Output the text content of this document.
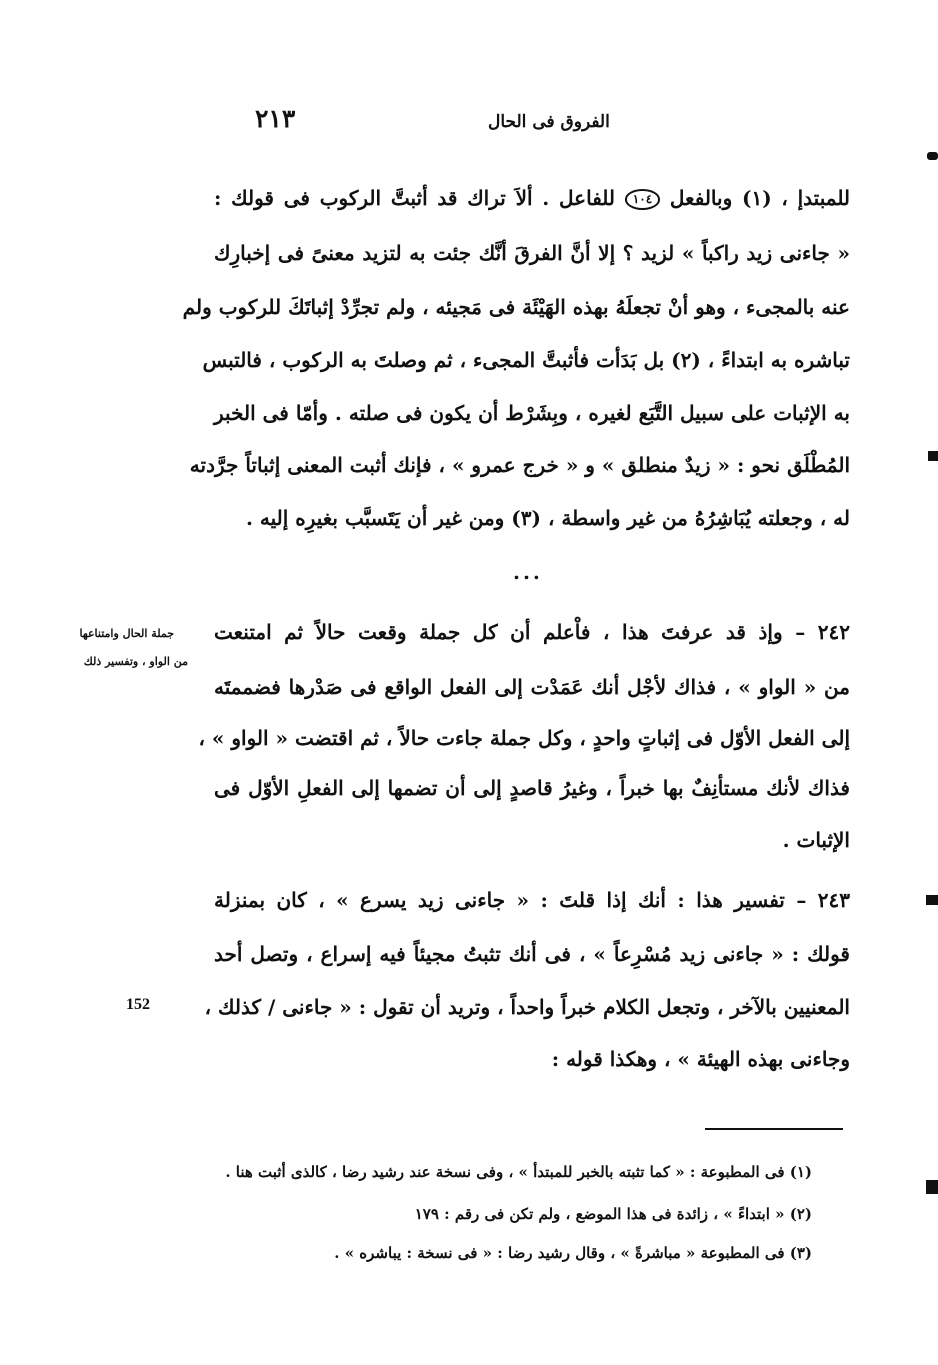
٢١٣	الفروق فى الحال
للمبتدإ ، (١) وبالفعل ١٠٤ للفاعل . ألاَ تراك قد أثبتَّ الركوب فى قولك :
« جاءنى زيد راكباً » لزيد ؟ إلا أنَّ الفرقَ أنَّك جئت به لتزيد معنىً فى إخبارِك
عنه بالمجىء ، وهو أنْ تجعلَهُ بهذه الهَيْئَة فى مَجيئه ، ولم تجرِّدْ إثباتَكَ للركوب ولم
تباشره به ابتداءً ، (٢) بل بَدَأت فأثبتَّ المجىء ، ثم وصلتَ به الركوب ، فالتبس
به الإثبات على سبيل التَّبَع لغيره ، وبِشَرْط أن يكون فى صلته . وأمّا فى الخبر
المُطْلَق نحو : « زيدٌ منطلق » و « خرج عمرو » ، فإنك أثبت المعنى إثباتاً جرَّدته
له ، وجعلته يُبَاشِرُهُ من غير واسطة ، (٣) ومن غير أن يَتَسبَّب بغيرِه إليه .
...
٢٤٢ – وإذ قد عرفتَ هذا ، فاْعلم أن كل جملة وقعت حالاً ثم امتنعت
من « الواو » ، فذاك لأجْل أنك عَمَدْت إلى الفعل الواقع فى صَدْرها فضممتَه
إلى الفعل الأوّل فى إثباتٍ واحدٍ ، وكل جملة جاءت حالاً ، ثم اقتضت « الواو » ،
فذاك لأنك مستأنِفٌ بها خبراً ، وغيرُ قاصدٍ إلى أن تضمها إلى الفعلِ الأوّل فى
الإثبات .
٢٤٣ – تفسير هذا : أنك إذا قلتَ : « جاءنى زيد يسرع » ، كان بمنزلة
قولك : « جاءنى زيد مُسْرِعاً » ، فى أنك تثبتُ مجيئاً فيه إسراع ، وتصل أحد
المعنيين بالآخر ، وتجعل الكلام خبراً واحداً ، وتريد أن تقول : « جاءنى / كذلك ،
وجاءنى بهذه الهيئة » ، وهكذا قوله :
جملة الحال وامتناعها
من الواو ، وتفسير ذلك
152
(١) فى المطبوعة : « كما تثبته بالخبر للمبتدأ » ، وفى نسخة عند رشيد رضا ، كالذى أثبت هنا .
(٢) « ابتداءً » ، زائدة فى هذا الموضع ، ولم تكن فى رقم : ١٧٩
(٣) فى المطبوعة « مباشرةً » ، وقال رشيد رضا : « فى نسخة : يباشره » .
